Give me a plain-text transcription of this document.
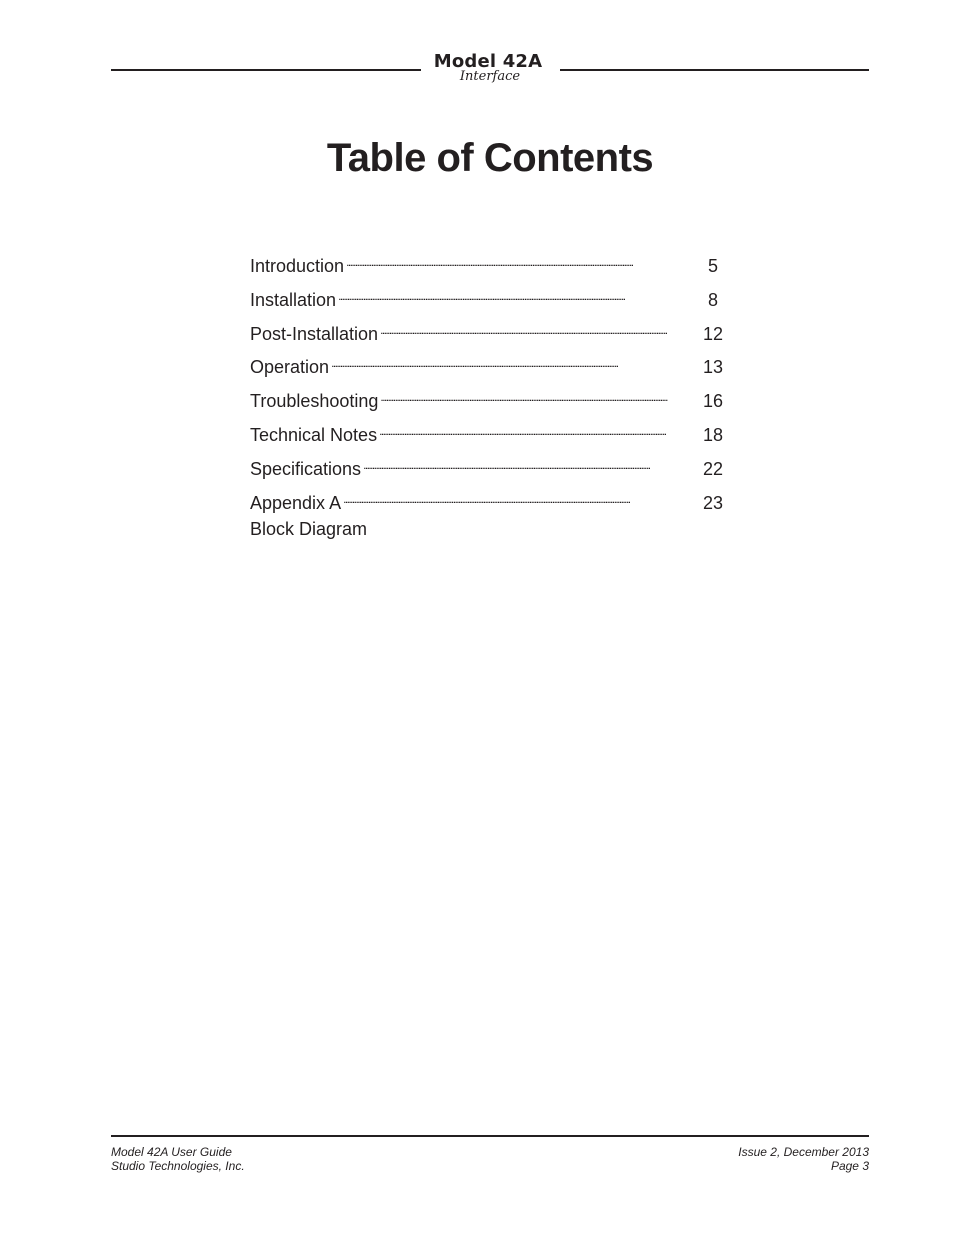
Model 42A
Interface
Table of Contents
Introduction . . .	5
Installation . . .	8
Post-Installation . . .	12
Operation . . .	13
Troubleshooting . . .	16
Technical Notes . . .	18
Specifications . . .	22
Appendix A . . .	23
Block Diagram
Model 42A User Guide
Studio Technologies, Inc.
Issue 2, December 2013
Page 3
